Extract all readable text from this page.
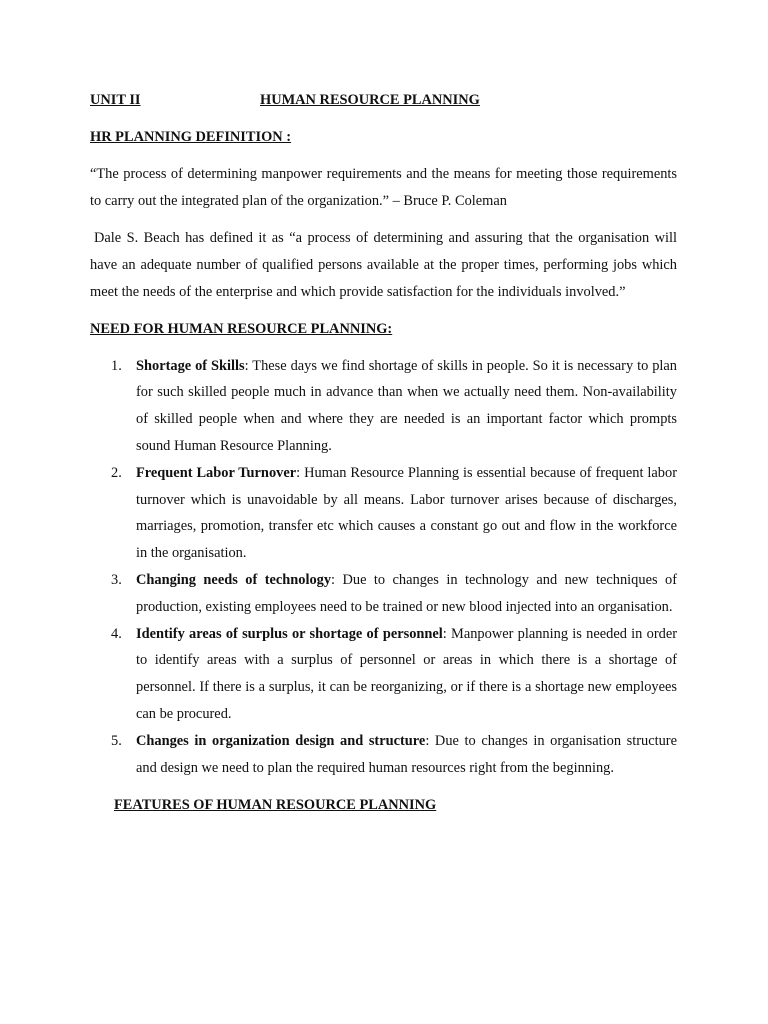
UNIT II	HUMAN RESOURCE PLANNING

HR PLANNING DEFINITION :

“The process of determining manpower requirements and the means for meeting those requirements to carry out the integrated plan of the organization.” – Bruce P. Coleman

Dale S. Beach has defined it as “a process of determining and assuring that the organisation will have an adequate number of qualified persons available at the proper times, performing jobs which meet the needs of the enterprise and which provide satisfaction for the individuals involved.”

NEED FOR HUMAN RESOURCE PLANNING:

1. Shortage of Skills: These days we find shortage of skills in people. So it is necessary to plan for such skilled people much in advance than when we actually need them. Non-availability of skilled people when and where they are needed is an important factor which prompts sound Human Resource Planning.
2. Frequent Labor Turnover: Human Resource Planning is essential because of frequent labor turnover which is unavoidable by all means. Labor turnover arises because of discharges, marriages, promotion, transfer etc which causes a constant go out and flow in the workforce in the organisation.
3. Changing needs of technology: Due to changes in technology and new techniques of production, existing employees need to be trained or new blood injected into an organisation.
4. Identify areas of surplus or shortage of personnel: Manpower planning is needed in order to identify areas with a surplus of personnel or areas in which there is a shortage of personnel. If there is a surplus, it can be reorganizing, or if there is a shortage new employees can be procured.
5. Changes in organization design and structure: Due to changes in organisation structure and design we need to plan the required human resources right from the beginning.

FEATURES OF HUMAN RESOURCE PLANNING
